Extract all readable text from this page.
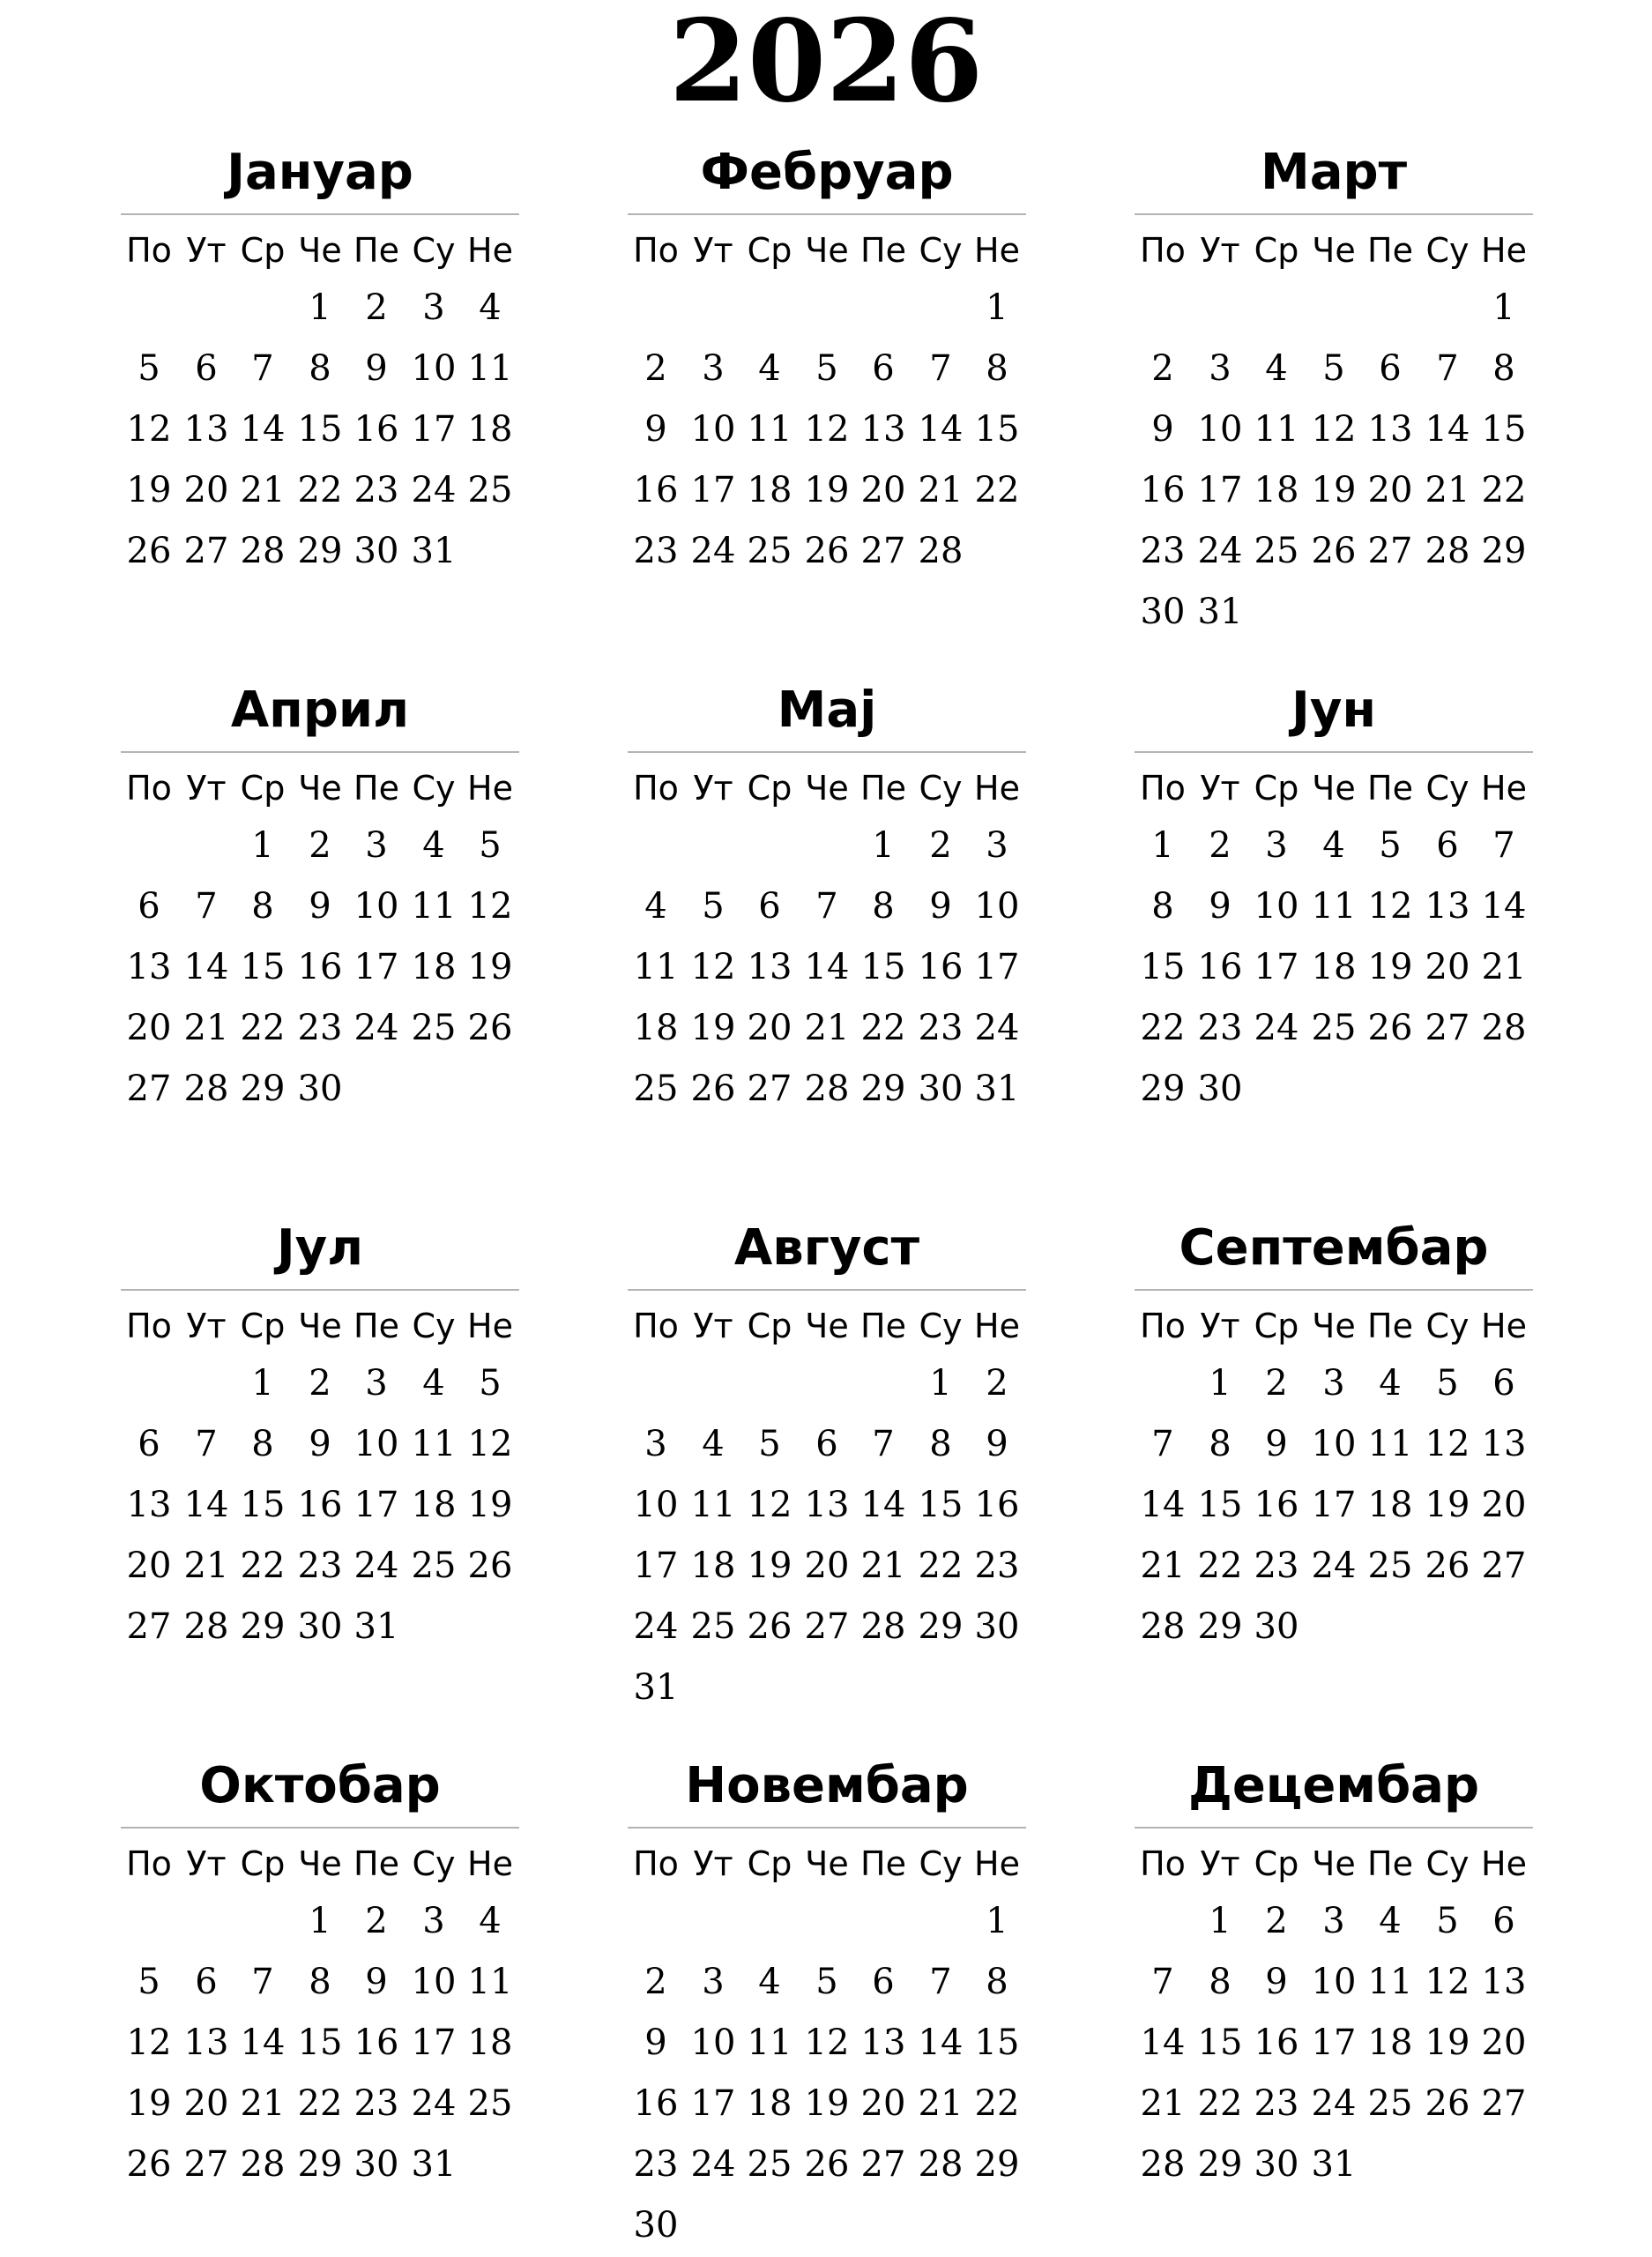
2026
Јануар
По Ут Ср Че Пе Су Не
1 2 3 4
5 6 7 8 9 10 11
12 13 14 15 16 17 18
19 20 21 22 23 24 25
26 27 28 29 30 31
Фебруар
По Ут Ср Че Пе Су Не
1
2 3 4 5 6 7 8
9 10 11 12 13 14 15
16 17 18 19 20 21 22
23 24 25 26 27 28
Март
По Ут Ср Че Пе Су Не
1
2 3 4 5 6 7 8
9 10 11 12 13 14 15
16 17 18 19 20 21 22
23 24 25 26 27 28 29
30 31
Април
По Ут Ср Че Пе Су Не
1 2 3 4 5
6 7 8 9 10 11 12
13 14 15 16 17 18 19
20 21 22 23 24 25 26
27 28 29 30
Мај
По Ут Ср Че Пе Су Не
1 2 3
4 5 6 7 8 9 10
11 12 13 14 15 16 17
18 19 20 21 22 23 24
25 26 27 28 29 30 31
Јун
По Ут Ср Че Пе Су Не
1 2 3 4 5 6 7
8 9 10 11 12 13 14
15 16 17 18 19 20 21
22 23 24 25 26 27 28
29 30
Јул
По Ут Ср Че Пе Су Не
1 2 3 4 5
6 7 8 9 10 11 12
13 14 15 16 17 18 19
20 21 22 23 24 25 26
27 28 29 30 31
Август
По Ут Ср Че Пе Су Не
1 2
3 4 5 6 7 8 9
10 11 12 13 14 15 16
17 18 19 20 21 22 23
24 25 26 27 28 29 30
31
Септембар
По Ут Ср Че Пе Су Не
1 2 3 4 5 6
7 8 9 10 11 12 13
14 15 16 17 18 19 20
21 22 23 24 25 26 27
28 29 30
Октобар
По Ут Ср Че Пе Су Не
1 2 3 4
5 6 7 8 9 10 11
12 13 14 15 16 17 18
19 20 21 22 23 24 25
26 27 28 29 30 31
Новембар
По Ут Ср Че Пе Су Не
1
2 3 4 5 6 7 8
9 10 11 12 13 14 15
16 17 18 19 20 21 22
23 24 25 26 27 28 29
30
Децембар
По Ут Ср Че Пе Су Не
1 2 3 4 5 6
7 8 9 10 11 12 13
14 15 16 17 18 19 20
21 22 23 24 25 26 27
28 29 30 31
